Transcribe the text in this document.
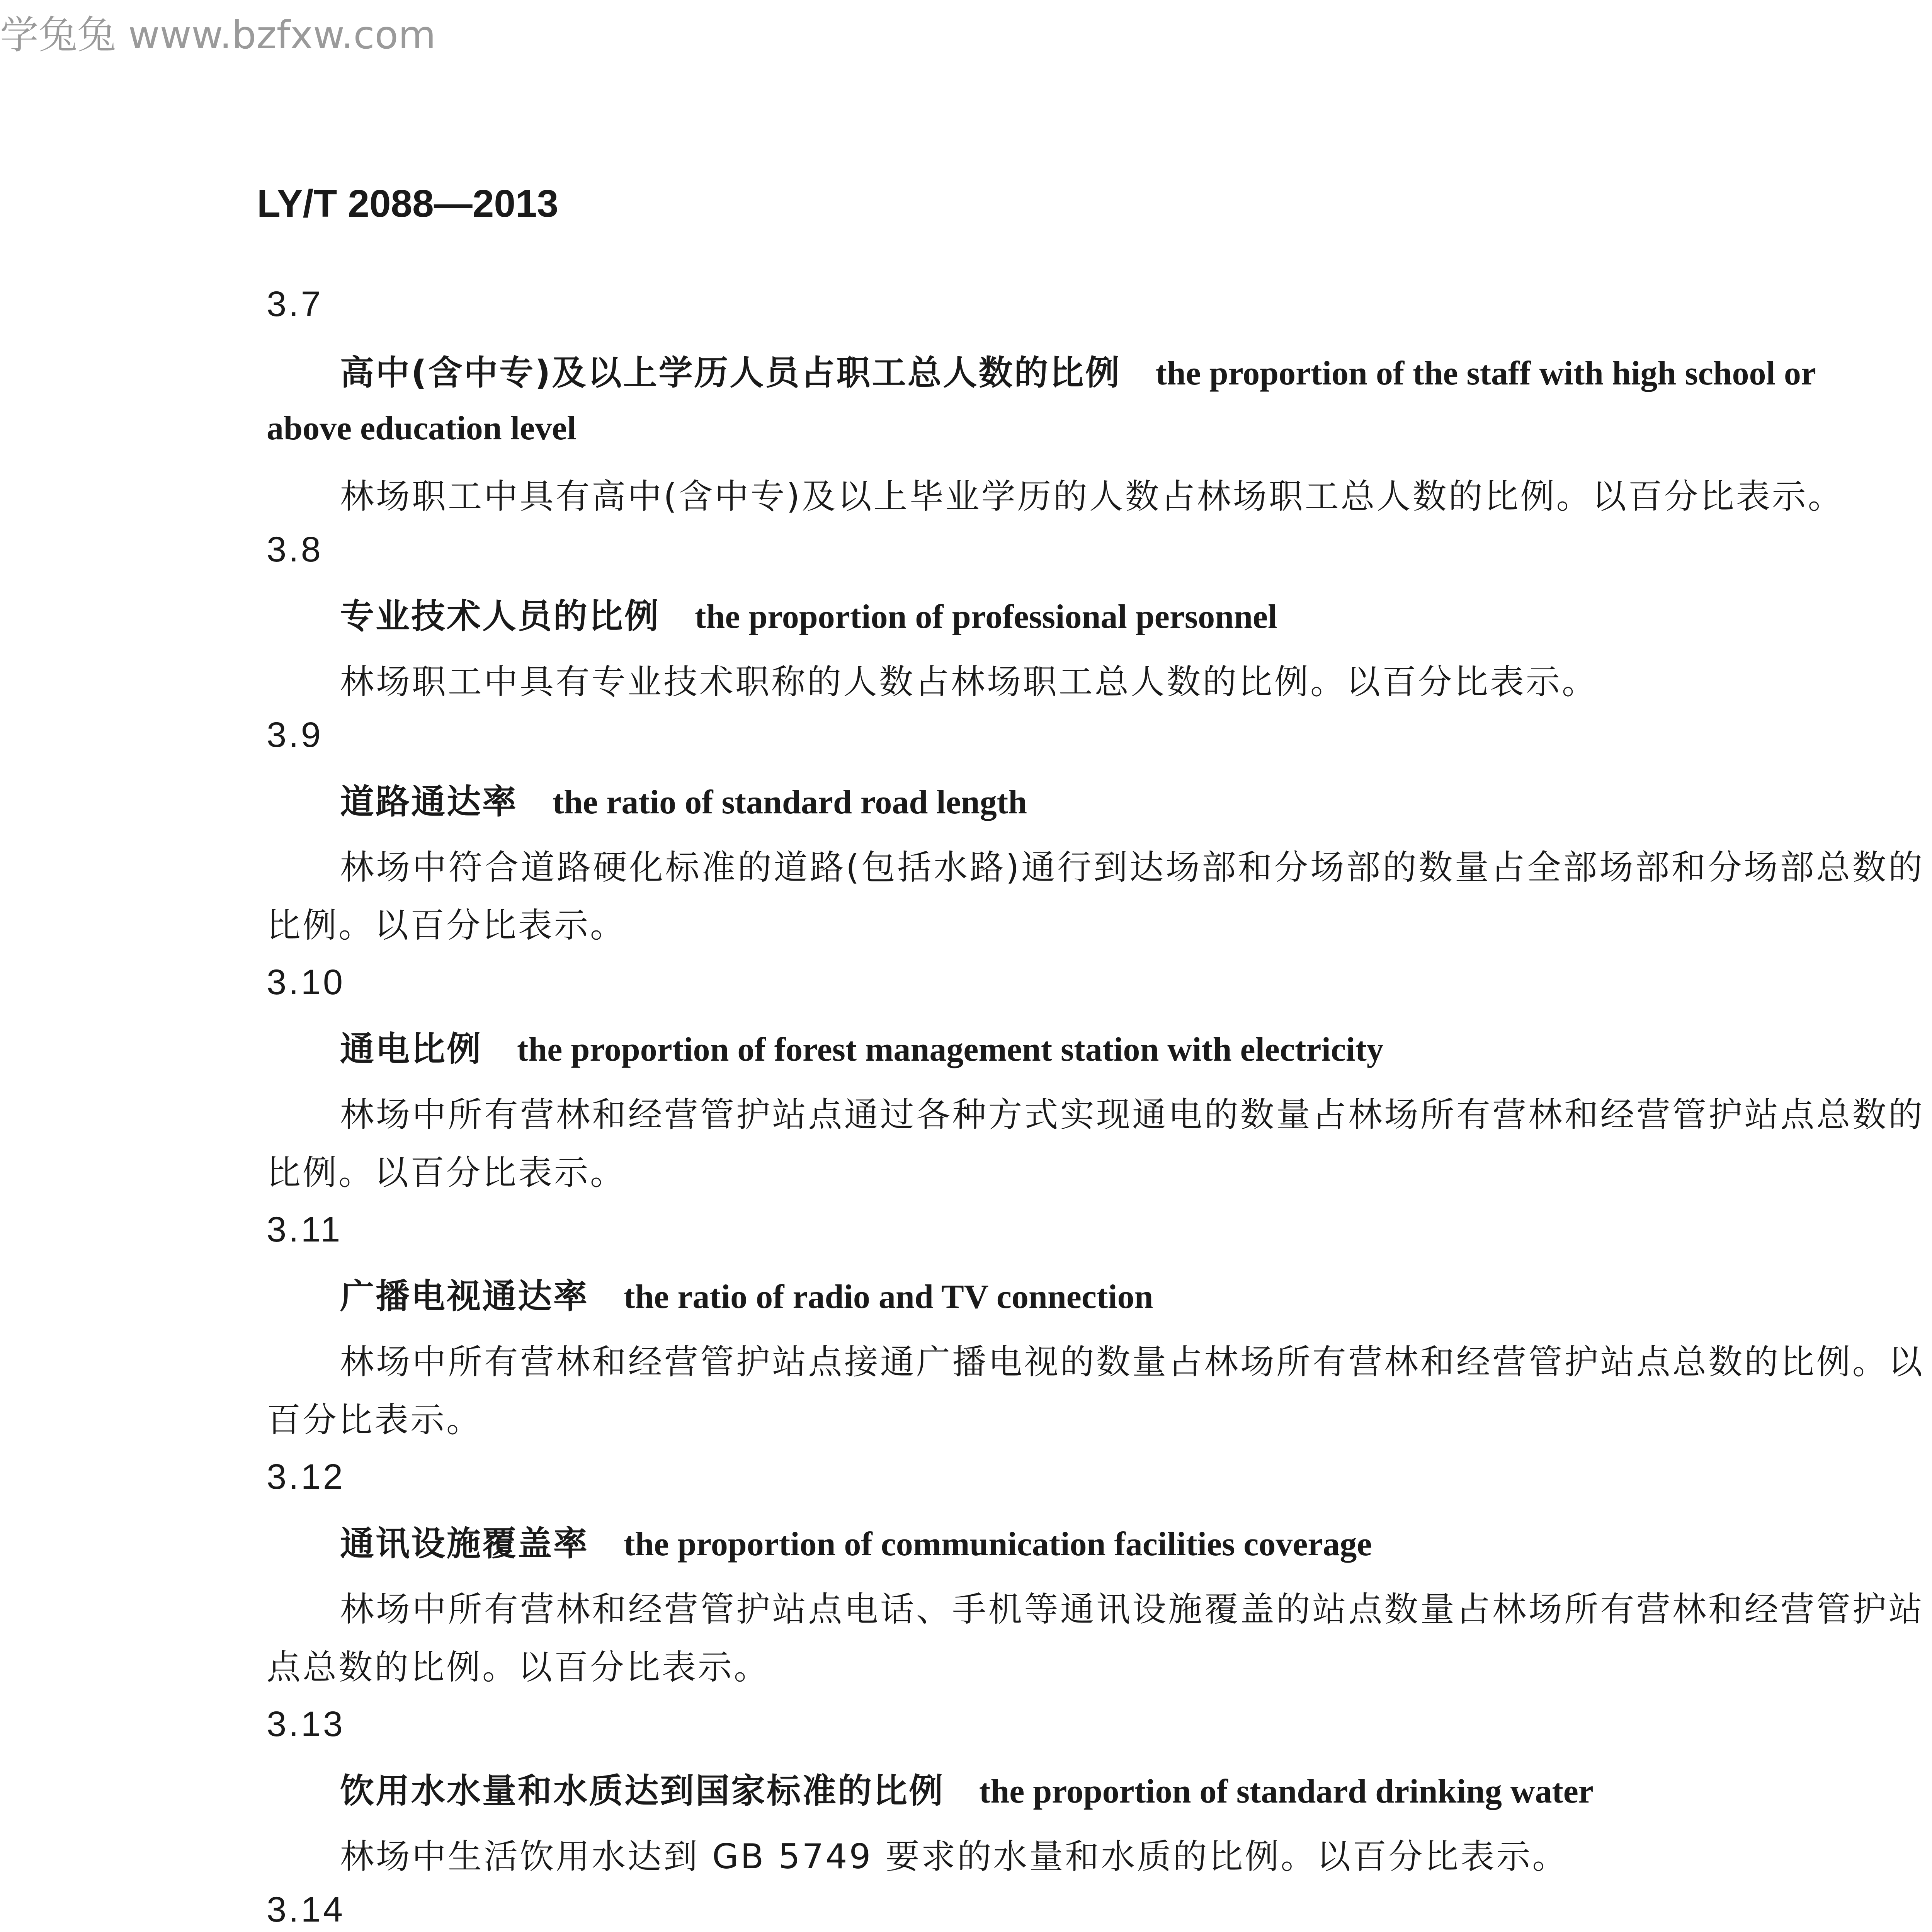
学兔兔 www.bzfxw.com
LY/T 2088—2013
3.7
高中(含中专)及以上学历人员占职工总人数的比例 the proportion of the staff with high school or above education level
林场职工中具有高中(含中专)及以上毕业学历的人数占林场职工总人数的比例。以百分比表示。
3.8
专业技术人员的比例 the proportion of professional personnel
林场职工中具有专业技术职称的人数占林场职工总人数的比例。以百分比表示。
3.9
道路通达率 the ratio of standard road length
林场中符合道路硬化标准的道路(包括水路)通行到达场部和分场部的数量占全部场部和分场部总数的比例。以百分比表示。
3.10
通电比例 the proportion of forest management station with electricity
林场中所有营林和经营管护站点通过各种方式实现通电的数量占林场所有营林和经营管护站点总数的比例。以百分比表示。
3.11
广播电视通达率 the ratio of radio and TV connection
林场中所有营林和经营管护站点接通广播电视的数量占林场所有营林和经营管护站点总数的比例。以百分比表示。
3.12
通讯设施覆盖率 the proportion of communication facilities coverage
林场中所有营林和经营管护站点电话、手机等通讯设施覆盖的站点数量占林场所有营林和经营管护站点总数的比例。以百分比表示。
3.13
饮用水水量和水质达到国家标准的比例 the proportion of standard drinking water
林场中生活饮用水达到 GB 5749 要求的水量和水质的比例。以百分比表示。
3.14
